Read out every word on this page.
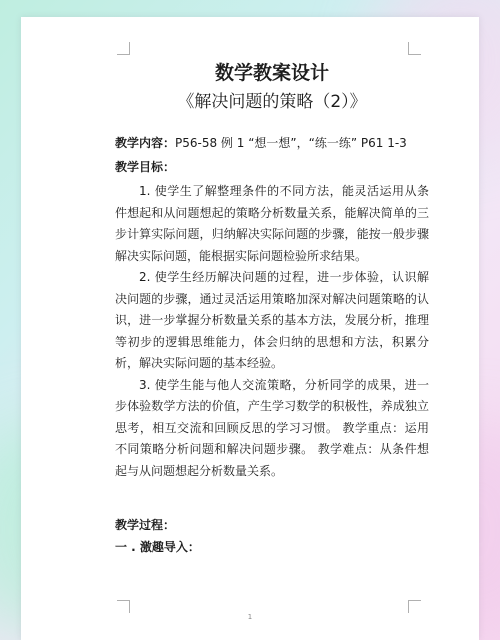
数学教案设计
《解决问题的策略（2）》

教学内容：P56-58 例 1 “想一想”，“练一练” P61 1-3

教学目标：

1. 使学生了解整理条件的不同方法，能灵活运用从条件想起和从问题想起的策略分析数量关系，能解决简单的三步计算实际问题，归纳解决实际问题的步骤，能按一般步骤解决实际问题，能根据实际问题检验所求结果。

2. 使学生经历解决问题的过程，进一步体验，认识解决问题的步骤，通过灵活运用策略加深对解决问题策略的认识，进一步掌握分析数量关系的基本方法，发展分析，推理等初步的逻辑思维能力，体会归纳的思想和方法，积累分析，解决实际问题的基本经验。

3. 使学生能与他人交流策略，分析同学的成果，进一步体验数学方法的价值，产生学习数学的积极性，养成独立思考，相互交流和回顾反思的学习习惯。 教学重点：运用不同策略分析问题和解决问题步骤。 教学难点：从条件想起与从问题想起分析数量关系。

教学过程：
一 . 激趣导入：
1
